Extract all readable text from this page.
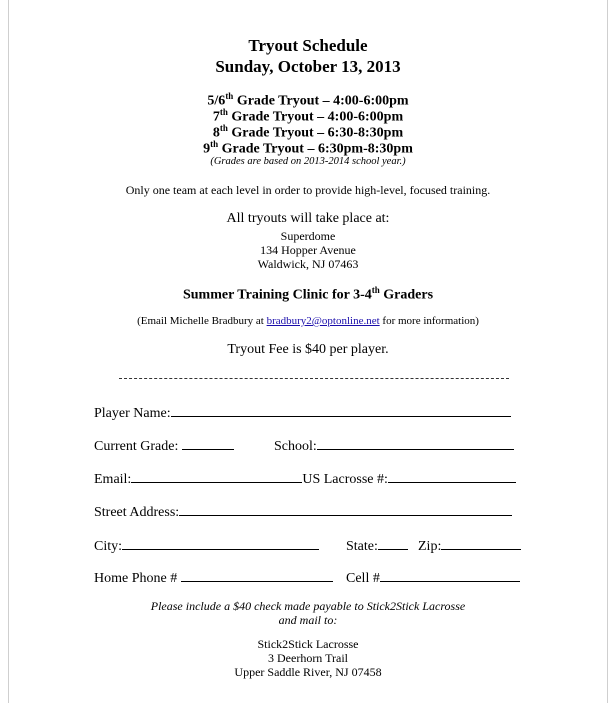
Tryout Schedule
Sunday, October 13, 2013
5/6th Grade Tryout – 4:00-6:00pm
7th Grade Tryout – 4:00-6:00pm
8th Grade Tryout – 6:30-8:30pm
9th Grade Tryout – 6:30pm-8:30pm
(Grades are based on 2013-2014 school year.)
Only one team at each level in order to provide high-level, focused training.
All tryouts will take place at:
Superdome
134 Hopper Avenue
Waldwick, NJ 07463
Summer Training Clinic for 3-4th Graders
(Email Michelle Bradbury at bradbury2@optonline.net for more information)
Tryout Fee is $40 per player.
Player Name:
Current Grade:	School:
Email:	US Lacrosse #:
Street Address:
City:	State:	Zip:
Home Phone #	Cell #
Please include a $40 check made payable to Stick2Stick Lacrosse
and mail to:
Stick2Stick Lacrosse
3 Deerhorn Trail
Upper Saddle River, NJ 07458
